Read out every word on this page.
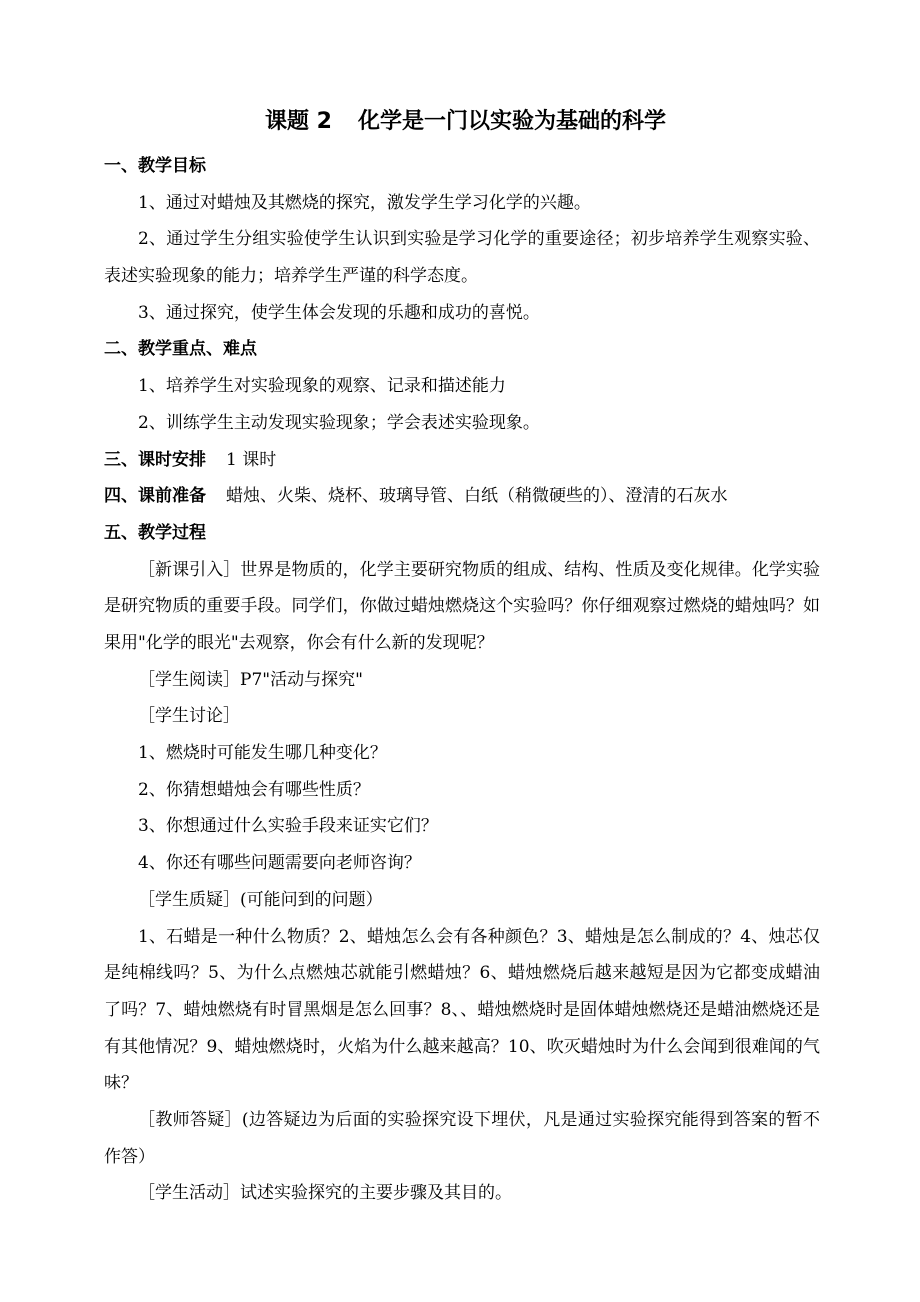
课题 2 化学是一门以实验为基础的科学
一、教学目标
1、通过对蜡烛及其燃烧的探究，激发学生学习化学的兴趣。
2、通过学生分组实验使学生认识到实验是学习化学的重要途径；初步培养学生观察实验、表述实验现象的能力；培养学生严谨的科学态度。
3、通过探究，使学生体会发现的乐趣和成功的喜悦。
二、教学重点、难点
1、培养学生对实验现象的观察、记录和描述能力
2、训练学生主动发现实验现象；学会表述实验现象。
三、课时安排 1 课时
四、课前准备 蜡烛、火柴、烧杯、玻璃导管、白纸（稍微硬些的）、澄清的石灰水
五、教学过程
［新课引入］世界是物质的，化学主要研究物质的组成、结构、性质及变化规律。化学实验是研究物质的重要手段。同学们，你做过蜡烛燃烧这个实验吗？你仔细观察过燃烧的蜡烛吗？如果用"化学的眼光"去观察，你会有什么新的发现呢？
［学生阅读］P7"活动与探究"
［学生讨论］
1、燃烧时可能发生哪几种变化？
2、你猜想蜡烛会有哪些性质？
3、你想通过什么实验手段来证实它们？
4、你还有哪些问题需要向老师咨询？
［学生质疑］(可能问到的问题）
1、石蜡是一种什么物质？2、蜡烛怎么会有各种颜色？3、蜡烛是怎么制成的？4、烛芯仅是纯棉线吗？5、为什么点燃烛芯就能引燃蜡烛？6、蜡烛燃烧后越来越短是因为它都变成蜡油了吗？7、蜡烛燃烧有时冒黑烟是怎么回事？8、、蜡烛燃烧时是固体蜡烛燃烧还是蜡油燃烧还是有其他情况？9、蜡烛燃烧时，火焰为什么越来越高？10、吹灭蜡烛时为什么会闻到很难闻的气味？
［教师答疑］(边答疑边为后面的实验探究设下埋伏，凡是通过实验探究能得到答案的暂不作答）
［学生活动］试述实验探究的主要步骤及其目的。
